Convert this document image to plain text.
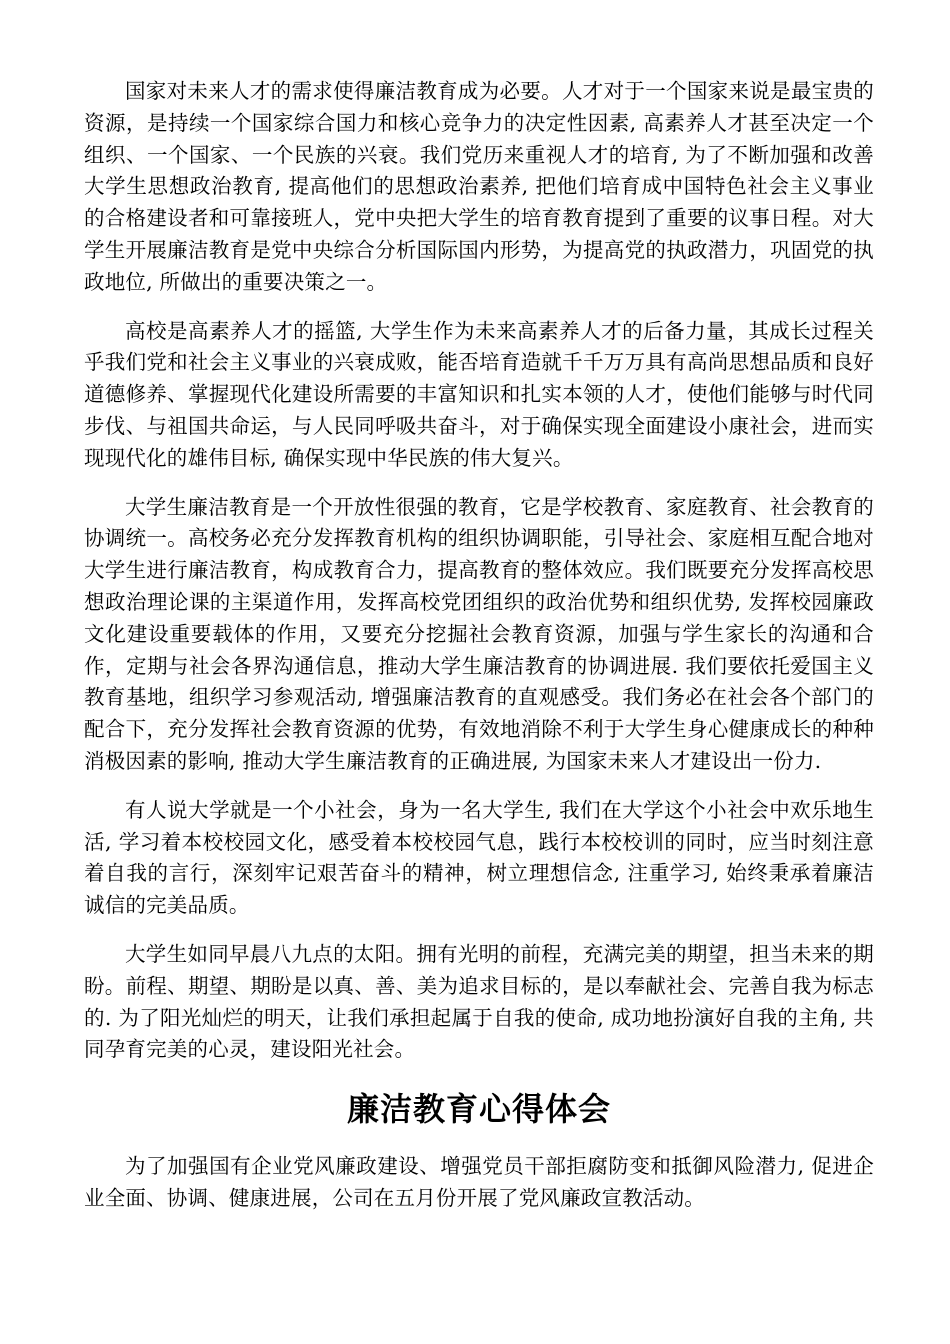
国家对未来人才的需求使得廉洁教育成为必要。人才对于一个国家来说是最宝贵的资源，是持续一个国家综合国力和核心竞争力的决定性因素, 高素养人才甚至决定一个组织、一个国家、一个民族的兴衰。我们党历来重视人才的培育, 为了不断加强和改善大学生思想政治教育, 提高他们的思想政治素养, 把他们培育成中国特色社会主义事业的合格建设者和可靠接班人，党中央把大学生的培育教育提到了重要的议事日程。对大学生开展廉洁教育是党中央综合分析国际国内形势，为提高党的执政潜力，巩固党的执政地位, 所做出的重要决策之一。

高校是高素养人才的摇篮, 大学生作为未来高素养人才的后备力量，其成长过程关乎我们党和社会主义事业的兴衰成败，能否培育造就千千万万具有高尚思想品质和良好道德修养、掌握现代化建设所需要的丰富知识和扎实本领的人才，使他们能够与时代同步伐、与祖国共命运，与人民同呼吸共奋斗，对于确保实现全面建设小康社会，进而实现现代化的雄伟目标, 确保实现中华民族的伟大复兴。

大学生廉洁教育是一个开放性很强的教育，它是学校教育、家庭教育、社会教育的协调统一。高校务必充分发挥教育机构的组织协调职能，引导社会、家庭相互配合地对大学生进行廉洁教育，构成教育合力，提高教育的整体效应。我们既要充分发挥高校思想政治理论课的主渠道作用，发挥高校党团组织的政治优势和组织优势, 发挥校园廉政文化建设重要载体的作用，又要充分挖掘社会教育资源，加强与学生家长的沟通和合作，定期与社会各界沟通信息，推动大学生廉洁教育的协调进展. 我们要依托爱国主义教育基地，组织学习参观活动, 增强廉洁教育的直观感受。我们务必在社会各个部门的配合下，充分发挥社会教育资源的优势，有效地消除不利于大学生身心健康成长的种种消极因素的影响, 推动大学生廉洁教育的正确进展, 为国家未来人才建设出一份力.

有人说大学就是一个小社会，身为一名大学生, 我们在大学这个小社会中欢乐地生活, 学习着本校校园文化，感受着本校校园气息，践行本校校训的同时，应当时刻注意着自我的言行，深刻牢记艰苦奋斗的精神，树立理想信念, 注重学习, 始终秉承着廉洁诚信的完美品质。

大学生如同早晨八九点的太阳。拥有光明的前程，充满完美的期望，担当未来的期盼。前程、期望、期盼是以真、善、美为追求目标的，是以奉献社会、完善自我为标志的. 为了阳光灿烂的明天，让我们承担起属于自我的使命, 成功地扮演好自我的主角, 共同孕育完美的心灵，建设阳光社会。

廉洁教育心得体会

为了加强国有企业党风廉政建设、增强党员干部拒腐防变和抵御风险潜力, 促进企业全面、协调、健康进展，公司在五月份开展了党风廉政宣教活动。
